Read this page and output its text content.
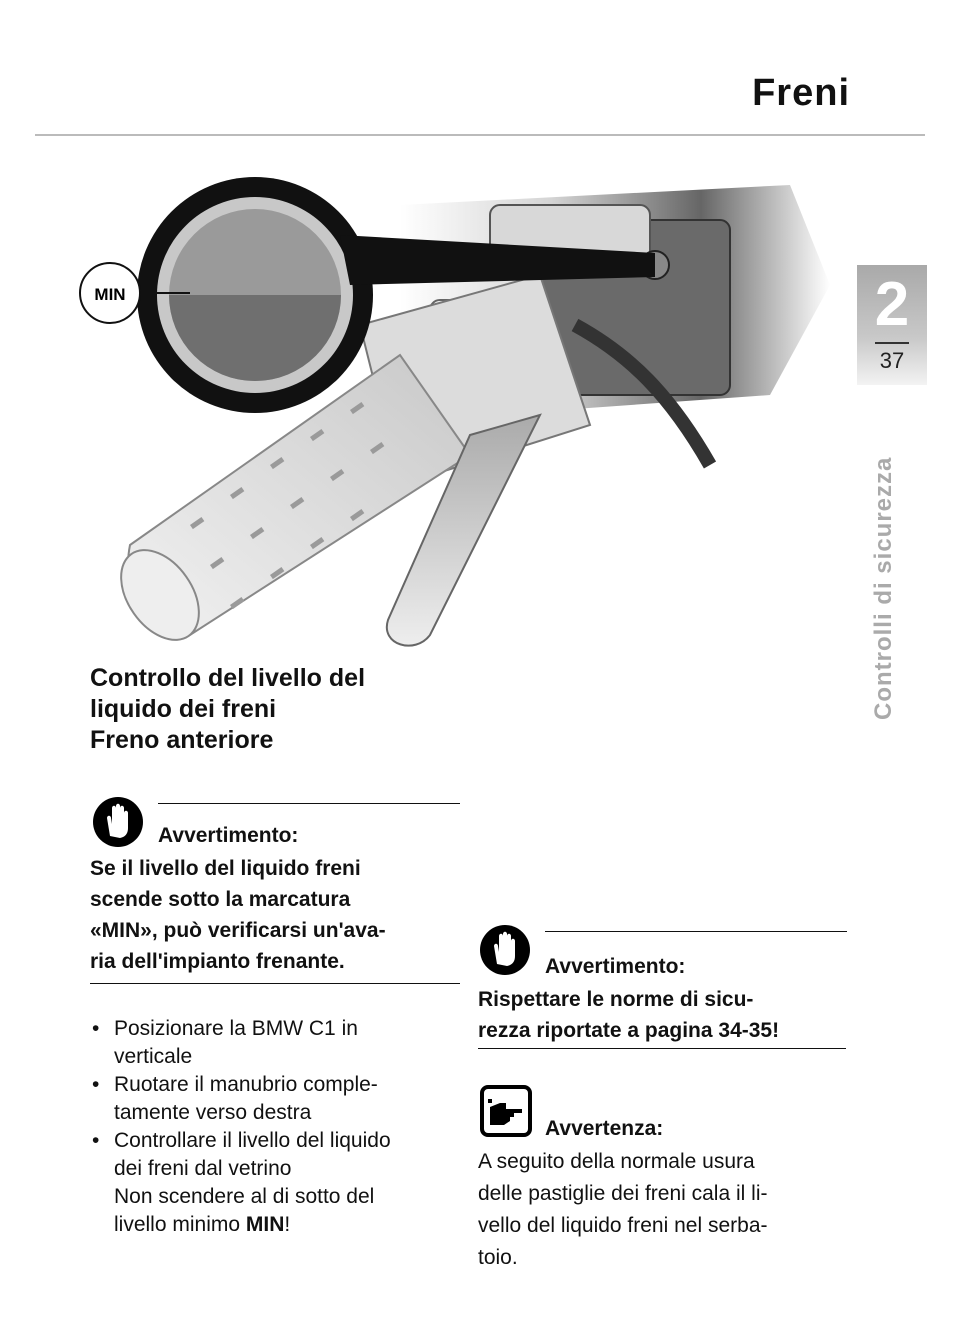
Freni
2
37
Controlli di sicurezza
MIN
Controllo del livello del
liquido dei freni
Freno anteriore
Avvertimento:
Se il livello del liquido freni
scende sotto la marcatura
«MIN», può verificarsi un'ava-
ria dell'impianto frenante.
• Posizionare la BMW C1 in
verticale
• Ruotare il manubrio comple-
tamente verso destra
• Controllare il livello del liquido
dei freni dal vetrino
Non scendere al di sotto del
livello minimo MIN!
Avvertimento:
Rispettare le norme di sicu-
rezza riportate a pagina 34-35!
Avvertenza:
A seguito della normale usura
delle pastiglie dei freni cala il li-
vello del liquido freni nel serba-
toio.
